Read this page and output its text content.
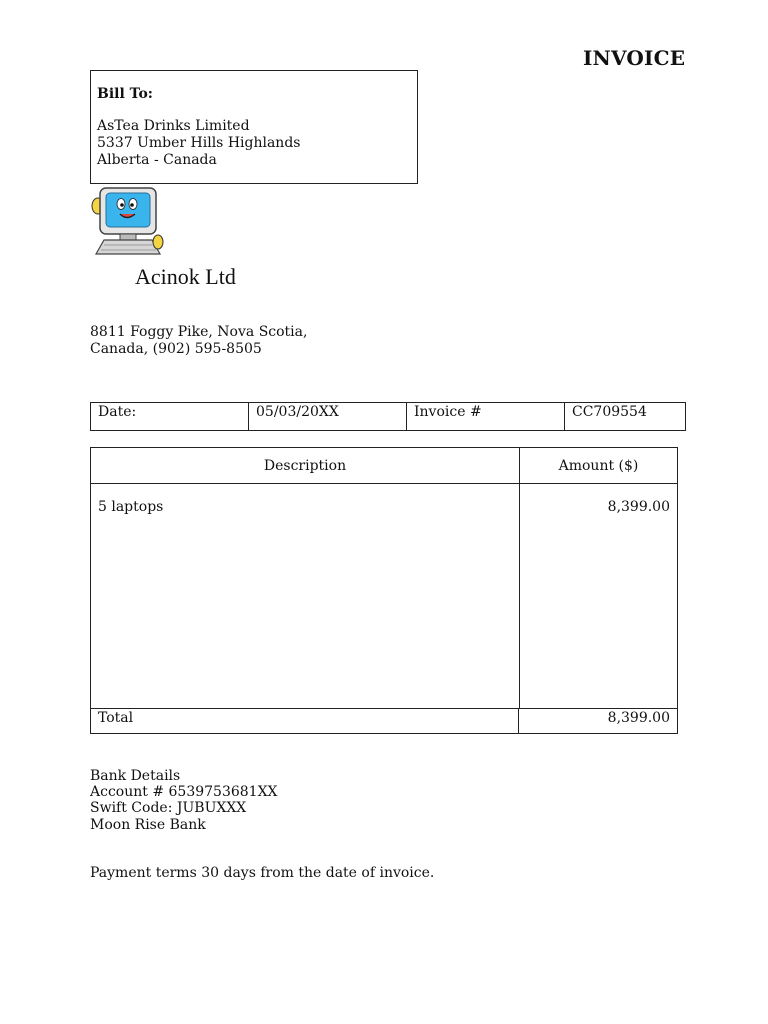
INVOICE
Bill To:
AsTea Drinks Limited
5337 Umber Hills Highlands
Alberta - Canada
Acinok Ltd
8811 Foggy Pike, Nova Scotia,
Canada, (902) 595-8505
Date:	05/03/20XX	Invoice #	CC709554
Description	Amount ($)
5 laptops	8,399.00
Total	8,399.00
Bank Details
Account # 6539753681XX
Swift Code: JUBUXXX
Moon Rise Bank
Payment terms 30 days from the date of invoice.
